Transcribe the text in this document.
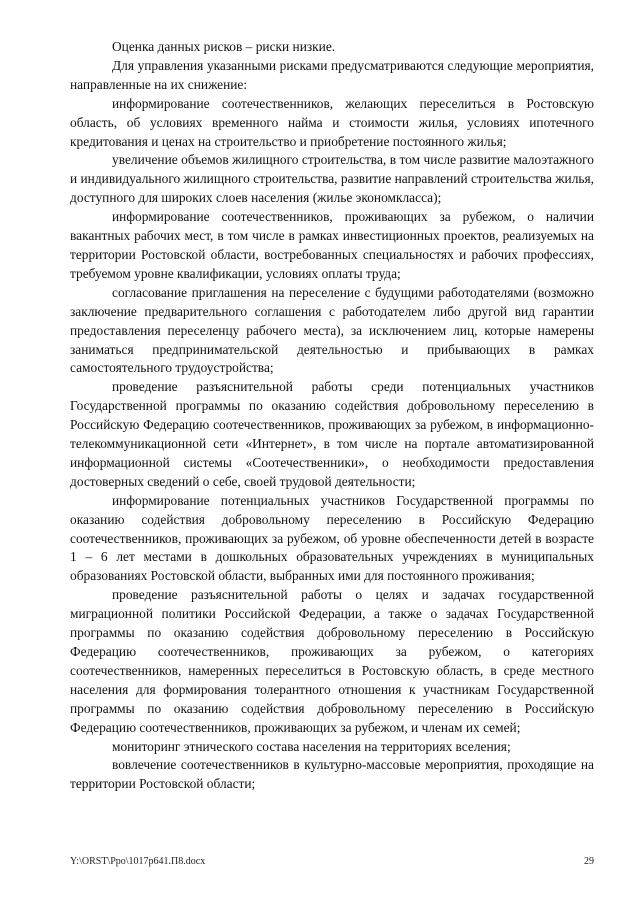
Оценка данных рисков – риски низкие.

Для управления указанными рисками предусматриваются следующие мероприятия, направленные на их снижение:

информирование соотечественников, желающих переселиться в Ростовскую область, об условиях временного найма и стоимости жилья, условиях ипотечного кредитования и ценах на строительство и приобретение постоянного жилья;

увеличение объемов жилищного строительства, в том числе развитие малоэтажного и индивидуального жилищного строительства, развитие направлений строительства жилья, доступного для широких слоев населения (жилье экономкласса);

информирование соотечественников, проживающих за рубежом, о наличии вакантных рабочих мест, в том числе в рамках инвестиционных проектов, реализуемых на территории Ростовской области, востребованных специальностях и рабочих профессиях, требуемом уровне квалификации, условиях оплаты труда;

согласование приглашения на переселение с будущими работодателями (возможно заключение предварительного соглашения с работодателем либо другой вид гарантии предоставления переселенцу рабочего места), за исключением лиц, которые намерены заниматься предпринимательской деятельностью и прибывающих в рамках самостоятельного трудоустройства;

проведение разъяснительной работы среди потенциальных участников Государственной программы по оказанию содействия добровольному переселению в Российскую Федерацию соотечественников, проживающих за рубежом, в информационно-телекоммуникационной сети «Интернет», в том числе на портале автоматизированной информационной системы «Соотечественники», о необходимости предоставления достоверных сведений о себе, своей трудовой деятельности;

информирование потенциальных участников Государственной программы по оказанию содействия добровольному переселению в Российскую Федерацию соотечественников, проживающих за рубежом, об уровне обеспеченности детей в возрасте 1 – 6 лет местами в дошкольных образовательных учреждениях в муниципальных образованиях Ростовской области, выбранных ими для постоянного проживания;

проведение разъяснительной работы о целях и задачах государственной миграционной политики Российской Федерации, а также о задачах Государственной программы по оказанию содействия добровольному переселению в Российскую Федерацию соотечественников, проживающих за рубежом, о категориях соотечественников, намеренных переселиться в Ростовскую область, в среде местного населения для формирования толерантного отношения к участникам Государственной программы по оказанию содействия добровольному переселению в Российскую Федерацию соотечественников, проживающих за рубежом, и членам их семей;

мониторинг этнического состава населения на территориях вселения;

вовлечение соотечественников в культурно-массовые мероприятия, проходящие на территории Ростовской области;

Y:\ORST\Ppo\1017p641.П8.docx	29
